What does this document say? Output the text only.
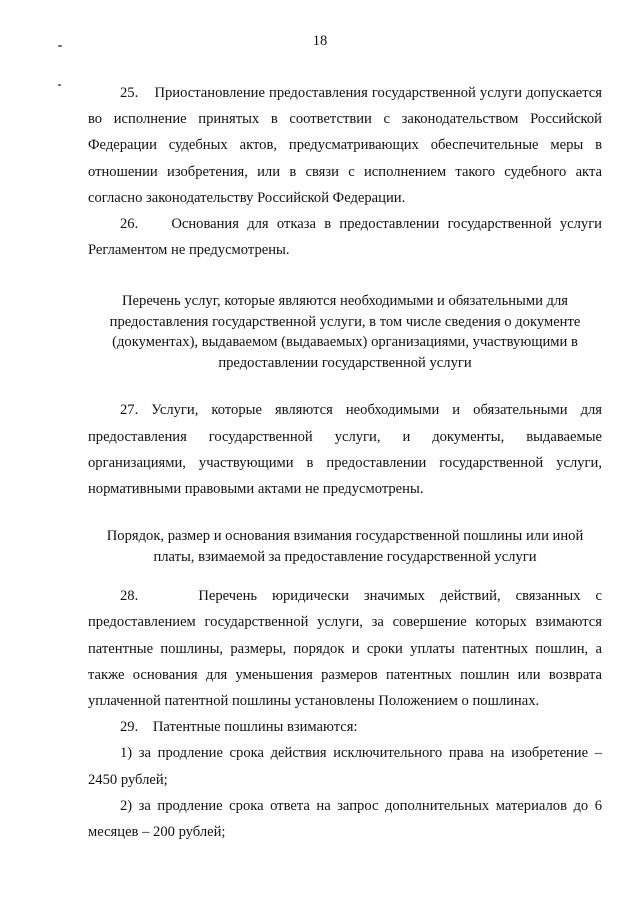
18

25.    Приостановление предоставления государственной услуги допускается во исполнение принятых в соответствии с законодательством Российской Федерации судебных актов, предусматривающих обеспечительные меры в отношении изобретения, или в связи с исполнением такого судебного акта согласно законодательству Российской Федерации.

26.    Основания для отказа в предоставлении государственной услуги Регламентом не предусмотрены.

Перечень услуг, которые являются необходимыми и обязательными для предоставления государственной услуги, в том числе сведения о документе (документах), выдаваемом (выдаваемых) организациями, участвующими в предоставлении государственной услуги

27. Услуги, которые являются необходимыми и обязательными для предоставления государственной услуги, и документы, выдаваемые организациями, участвующими в предоставлении государственной услуги, нормативными правовыми актами не предусмотрены.

Порядок, размер и основания взимания государственной пошлины или иной платы, взимаемой за предоставление государственной услуги

28.    Перечень юридически значимых действий, связанных с предоставлением государственной услуги, за совершение которых взимаются патентные пошлины, размеры, порядок и сроки уплаты патентных пошлин, а также основания для уменьшения размеров патентных пошлин или возврата уплаченной патентной пошлины установлены Положением о пошлинах.

29.    Патентные пошлины взимаются:

1) за продление срока действия исключительного права на изобретение – 2450 рублей;

2) за продление срока ответа на запрос дополнительных материалов до 6 месяцев – 200 рублей;
